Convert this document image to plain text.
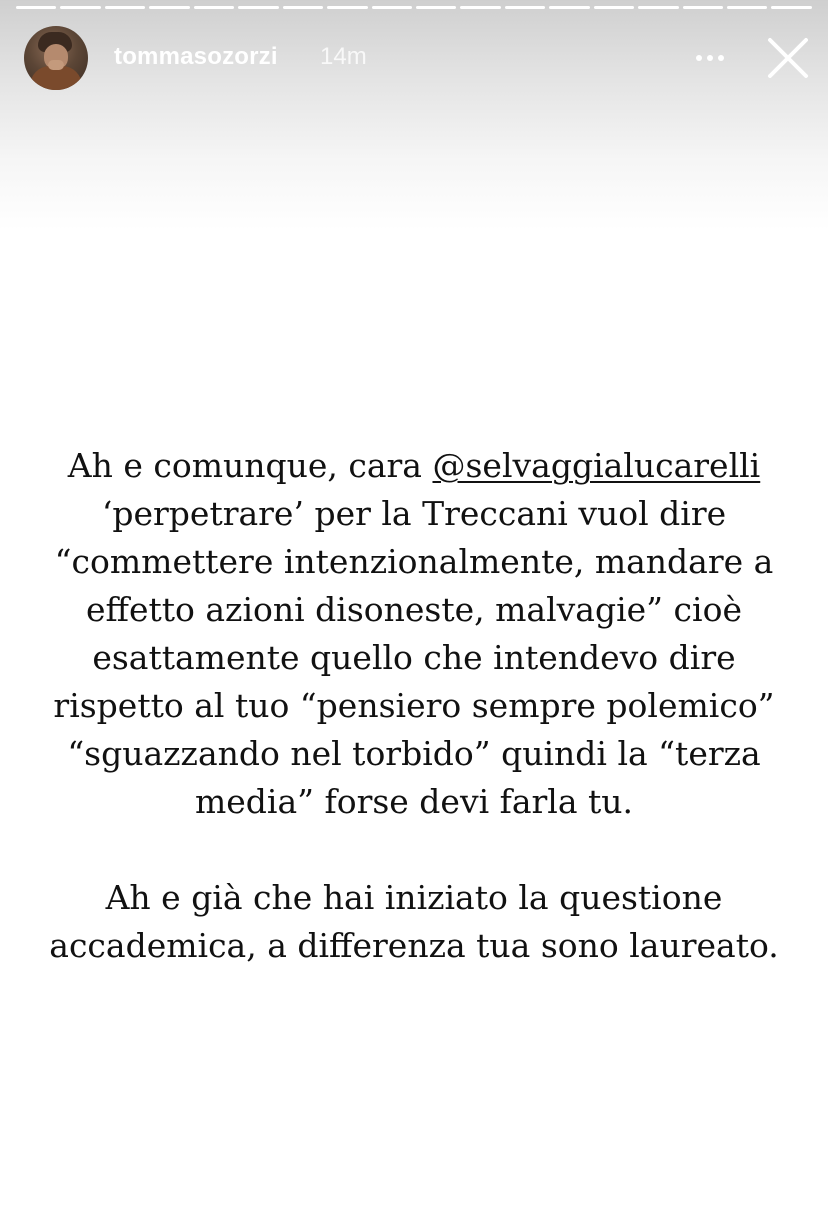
tommasozorzi 14m

Ah e comunque, cara @selvaggialucarelli ‘perpetrare’ per la Treccani vuol dire “commettere intenzionalmente, mandare a effetto azioni disoneste, malvagie” cioè esattamente quello che intendevo dire rispetto al tuo “pensiero sempre polemico” “sguazzando nel torbido” quindi la “terza media” forse devi farla tu.

Ah e già che hai iniziato la questione accademica, a differenza tua sono laureato.
